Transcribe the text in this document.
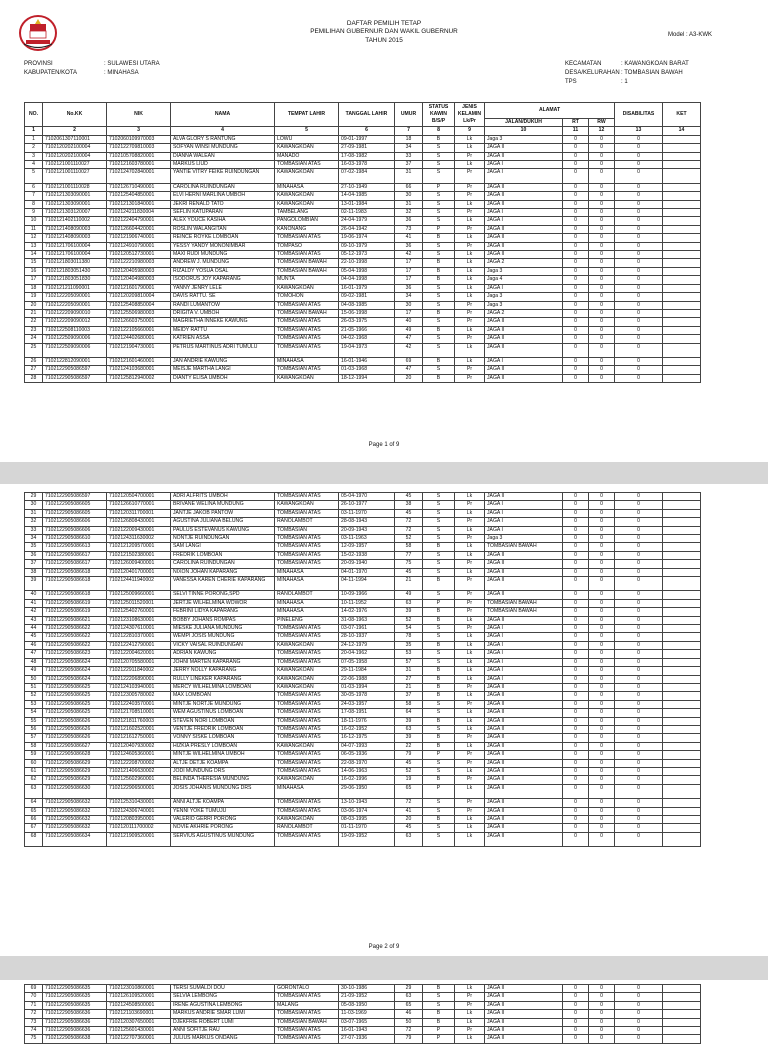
DAFTAR PEMILIH TETAP
PEMILIHAN GUBERNUR DAN WAKIL GUBERNUR
TAHUN 2015
Model : A3-KWK
PROVINSI	: SULAWESI UTARA
KABUPATEN/KOTA	: MINAHASA
KECAMATAN	: KAWANGKOAN BARAT
DESA/KELURAHAN: TOMBASIAN BAWAH
TPS	: 1
NO.	No.KK	NIK	NAMA	TEMPAT LAHIR	TANGGAL LAHIR	UMUR	STATUS KAWIN B/S/P	JENIS KELAMIN Lk/Pr	ALAMAT			DISABILITAS	KET
									JALAN/DUKUH	RT	RW		

1	2	3	4	5	6	7	8	9	10	11	12	13	14
1	7102061307110001	7102060109970003	ALVA GLORY S RANTUNG	LOWU	09-01-1997	18	B	Lk	Jaga 3	0	0	0	
2	7102120202100004	7102122709810003	SOFYAN WINSI MUNDUNG	KAWANGKOAN	27-09-1981	34	S	Lk	JAGA II	0	0	0	
3	7102120202100004	7102105708820001	DIANNA WALEAN	MANADO	17-08-1982	33	S	Pr	JAGA II	0	0	0	
4	7102121001110027	7102121603780001	MARKUS LIUD	TOMBASIAN ATAS	16-03-1978	37	S	Lk	JAGA I	0	0	0	
5	7102121001110027	7102124702840001	YANTIE VITRY FEIKE RUINDUNGAN	KAWANGKOAN	07-02-1984	31	S	Pr	JAGA I	0	0	0	
6	7102121001110028	7102126710490001	CAROLINA RUINDUNGAN	MINAHASA	27-10-1949	66	P	Pr	JAGA II	0	0	0	
7	7102121303090001	7102125404850001	ELVI HERNI MARLINA UMBOH	KAWANGKOAN	14-04-1985	30	S	Pr	JAGA II	0	0	0	
8	7102121303090001	7102121301840001	JEKRI RENALD TATO	KAWANGKOAN	13-01-1984	31	S	Lk	JAGA II	0	0	0	
9	7102121303120007	7102124211830004	SEFLIN KATUPARAN	TAMBELANG	02-11-1983	32	S	Pr	JAGA I	0	0	0	
10	7102121402110002	7102122404790001	ALEX YOUCE KASIHA	PANGOLOMBIAN	24-04-1979	36	S	Lk	JAGA I	0	0	0	
11	7102121408090003	7102126604420001	ROSLIN WALANGITAN	KANONANG	26-04-1942	73	P	Pr	JAGA II	0	0	0	
12	7102121408090003	7102121906740001	REINCE ROYKE LOMBOAN	TOMBASIAN ATAS	19-06-1974	41	B	Lk	JAGA II	0	0	0	
13	7102121706100004	7102124910790001	YESSY YANDY MONONIMBAR	TOMPASO	09-10-1979	36	S	Pr	JAGA II	0	0	0	
14	7102121706100004	7102120512730001	MAXI RUDI MUNDUNG	TOMBASIAN ATAS	05-12-1973	42	S	Lk	JAGA II	0	0	0	
15	7102121803011380	7102122210980003	ANDREW J. MUNDUNG	TOMBASIAN BAWAH	22-10-1998	17	B	Lk	JAGA 2	0	0	0	
16	7102121803051430	7102120405980003	RIZALDY YOSUA OSAL	TOMBASIAN BAWAH	05-04-1998	17	B	Lk	Jaga 3	0	0	0	
17	7102121803051830	7102120404980003	ISODORUS JOY KAPARANG	MUNTA	04-04-1998	17	B	Lk	Jaga 4	0	0	0	
18	7102121211090001	7102121601790001	YANNY JENRY LELE	KAWANGKOAN	16-01-1979	36	S	Lk	JAGA I	0	0	0	
19	7102122205090001	7102120209810004	DAVIS RATTU. SE	TOMOHON	09-02-1981	34	S	Lk	Jaga 3	0	0	0	
20	7102122205090001	7102125408850004	RANDI LUMANTOW	TOMBASIAN ATAS	04-08-1985	30	S	Pr	Jaga 3	0	0	0	
21	7102122209090010	7102125506980003	DRIGITA V. UMBOH	TOMBASIAN BAWAH	15-06-1998	17	B	Pr	JAGA 2	0	0	0	
22	7102122209090012	7102126603750001	MAGRIETHA INNEKE KAWUNG	TOMBASIAN ATAS	26-03-1975	40	S	Pr	JAGA II	0	0	0	
23	7102122508110003	7102122105660001	MEIDY RATTU	TOMBASIAN ATAS	21-05-1966	49	B	Lk	JAGA II	0	0	0	
24	7102122509090006	7102124402680001	KATRIEN ASSA	TOMBASIAN ATAS	04-02-1968	47	S	Pr	JAGA II	0	0	0	
25	7102122509090006	7102121904730001	PETRUS MARTINUS ADRI TUMULU	TOMBASIAN ATAS	19-04-1973	42	S	Lk	JAGA II	0	0	0	
26	7102122812090001	7102121601460001	JAN ANDRIE KAWUNG	MINAHASA	16-01-1946	69	B	Lk	JAGA I	0	0	0	
27	7102122905086597	7102124103680001	MEISJE MARTHA LANGI	TOMBASIAN ATAS	01-03-1968	47	S	Pr	JAGA II	0	0	0	
28	7102122905086597	7102125812940002	DIANTY ELISA UMBOH	KAWANGKOAN	18-12-1994	20	B	Pr	JAGA II	0	0	0	
Page 1 of 9
29	7102122905086597	7102120504700001	ADRI ALFRITS UMBOH	TOMBASIAN ATAS	05-04-1970	45	S	Lk	JAGA II	0	0	0	
30	7102122905086605	7102126610770001	BRIVANE WELINA MUNDUNG	KAWANGKOAN	26-10-1977	38	S	Pr	JAGA I	0	0	0	
31	7102122905086605	7102120311700001	JANTJE JAKOB PANTOW	TOMBASIAN ATAS	03-11-1970	45	S	Lk	JAGA I	0	0	0	
32	7102122905086606	7102126808430001	AGUSTINA JULIANA BELUNG	RANOLAMBOT	28-08-1943	72	S	Pr	JAGA I	0	0	0	
33	7102122905086606	7102122009430001	PAULUS ESTEVANUS KAWUNG	TOMBASIAN	20-09-1943	72	S	Lk	JAGA I	0	0	0	
34	7102122905086610	7102124311630002	NONTJE RUINDUNGAN	TOMBASIAN ATAS	03-11-1963	52	S	Pr	Jaga 3	0	0	0	
35	7102122905086613	7102121209570001	SAM LANGI	TOMBASIAN ATAS	12-09-1957	58	B	Lk	TOMBASIAN BAWAH	0	0	0	
36	7102122905086617	7102121502380001	FREDRIK LOMBOAN	TOMBASIAN ATAS	15-02-1938	77	S	Lk	JAGA II	0	0	0	
37	7102122905086617	7102126009400001	CAROLINA RUINDUNGAN	TOMBASIAN ATAS	20-09-1940	75	S	Pr	JAGA II	0	0	0	
38	7102122905086618	7102120401700001	NIXON JOHAN KAPARANG	MINAHASA	04-01-1970	45	S	Lk	JAGA II	0	0	0	
39	7102122905086618	7102124411940002	VANESSA KAREN CHERIE KAPARANG	MINAHASA	04-11-1994	21	B	Pr	JAGA II	0	0	0	
40	7102122905086618	7102125009660001	SELVI TINNE PORONG,SPD	RANOLAMBOT	10-09-1966	49	S	Pr	JAGA II	0	0	0	
41	7102122905086619	7102125011520001	JERTJE WILHELMINA WOWOR	MINAHASA	10-11-1952	63	P	Pr	TOMBASIAN BAWAH	0	0	0	
42	7102122905086619	7102125402760001	FEBRINI LIDYA KAPARANG	MINAHASA	14-02-1976	39	B	Pr	TOMBASIAN BAWAH	0	0	0	
43	7102122905086621	7102123108630001	BOBBY JOHANS ROMPAS	PINELENG	31-08-1963	52	B	Lk	JAGA II	0	0	0	
44	7102122905086622	7102124307610001	MIESKE JULIANA MUNDUNG	TOMBASIAN ATAS	03-07-1961	54	S	Pr	JAGA I	0	0	0	
45	7102122905086622	7102122810370001	WEMPI JOSIS MUNDUNG	TOMBASIAN ATAS	28-10-1937	78	S	Lk	JAGA I	0	0	0	
46	7102122905086622	7102122412790001	VICKY VAISAL RUINDUNGAN	KAWANGKOAN	24-12-1979	35	B	Lk	JAGA I	0	0	0	
47	7102122905086623	7102122004620001	ADRIAN KAWUNG	TOMBASIAN ATAS	20-04-1962	53	S	Lk	JAGA I	0	0	0	
48	7102122905086624	7102120705580001	JOHNI MARTEN KAPARANG	TOMBASIAN ATAS	07-05-1958	57	S	Lk	JAGA I	0	0	0	
49	7102122905086624	7102122911840002	JERRY NOLLY KAPARANG	KAWANGKOAN	29-11-1984	31	B	Lk	JAGA I	0	0	0	
50	7102122905086624	7102122206890001	RULLY LINEKER KAPARANG	KAWANGKOAN	22-06-1988	27	B	Lk	JAGA I	0	0	0	
51	7102122905086625	7102124103940001	MERCY WILHELMINA LOMBOAN	KAWANGKOAN	01-03-1994	21	B	Pr	JAGA II	0	0	0	
52	7102122905086625	7102123005780002	MAX LOMBOAN	TOMBASIAN ATAS	30-05-1978	37	B	Lk	JAGA II	0	0	0	
53	7102122905086625	7102122403570001	MINTJE NORTJE MUNDUNG	TOMBASIAN ATAS	24-03-1957	58	S	Pr	JAGA II	0	0	0	
54	7102122905086625	7102121708510001	WEM AGUSTINUS LOMBOAN	TOMBASIAN ATAS	17-08-1951	64	S	Lk	JAGA II	0	0	0	
55	7102122905086626	7102121811760003	STEVEN NORI LOMBOAN	TOMBASIAN ATAS	18-11-1976	39	B	Lk	JAGA II	0	0	0	
56	7102122905086626	7102121602520001	VENTJE FREDRIK LOMBOAN	TOMBASIAN ATAS	16-02-1952	63	S	Lk	JAGA II	0	0	0	
57	7102122905086626	7102121612750001	VONNY SISKE LOMBOAN	TOMBASIAN ATAS	16-12-1975	39	B	Pr	JAGA II	0	0	0	
58	7102122905086627	7102120407930002	HIZKIA PRESLY LOMBOAN	KAWANGKOAN	04-07-1993	22	B	Lk	JAGA II	0	0	0	
59	7102122905086628	7102124605360001	MINTJE WILHELMINA UMBOH	TOMBASIAN ATAS	06-05-1936	79	P	Pr	JAGA II	0	0	0	
60	7102122905086629	7102122208700002	ALTJE DETJE KOAMPA	TOMBASIAN ATAS	22-08-1970	45	S	Pr	JAGA II	0	0	0	
61	7102122905086629	7102121406630002	JODI MUNDUNG DRS	TOMBASIAN ATAS	14-06-1963	52	S	Lk	JAGA II	0	0	0	
62	7102122905086629	7102125602960001	BELINDA THERESIA MUNDUNG	KAWANGKOAN	16-02-1996	19	B	Pr	JAGA II	0	0	0	
63	7102122905086630	7102122906500001	JOSIS JOHANIS MUNDUNG DRS	MINAHASA	29-06-1950	65	P	Lk	JAGA II	0	0	0	
64	7102122905086632	7102125310430001	ANNI ALTJE KOAMPA	TOMBASIAN ATAS	13-10-1943	72	S	Pr	JAGA II	0	0	0	
65	7102122905086632	7102124306740001	YENNI YOKE TUMUJU	TOMBASIAN ATAS	03-06-1974	41	S	Pr	JAGA II	0	0	0	
66	7102122905086632	7102120803950001	VALERIO GERRI PORONG	KAWANGKOAN	08-03-1995	20	B	Lk	JAGA II	0	0	0	
67	7102122905086632	7102120111700002	NOVIE AKHRIE PORONG	RANOLAMBOT	01-11-1970	45	S	Lk	JAGA II	0	0	0	
68	7102122905086634	7102121909520001	SERVIUS AGUSTINUS MUNDUNG	TOMBASIAN ATAS	19-09-1952	63	S	Lk	JAGA II	0	0	0	
Page 2 of 9
69	7102122905086635	7102123010860001	TERSI SUMALDI DOU	GORONTALO	30-10-1986	29	B	Lk	JAGA II	0	0	0	
70	7102122905086635	7102126109520001	SELVIA LEMBONG	TOMBASIAN ATAS	21-09-1952	63	S	Pr	JAGA II	0	0	0	
71	7102122905086635	7102124508500001	IRENE AGUSTINA LEMBONG	MALANG	05-08-1950	65	S	Pr	JAGA II	0	0	0	
72	7102122905086636	7102121103690001	MARKUS ANDRIE SMAR LUMI	TOMBASIAN ATAS	11-03-1969	46	B	Lk	JAGA II	0	0	0	
73	7102122905086636	7102120307650001	DJEKFRIE ROBERT LUMI	TOMBASIAN BAWAH	03-07-1965	50	B	Lk	JAGA II	0	0	0	
74	7102122905086636	7102125601430001	ANNI SOFITJE RAU	TOMBASIAN ATAS	16-01-1943	72	P	Pr	JAGA II	0	0	0	
75	7102122905086638	7102122707360001	JULIUS MARKUS ONDANG	TOMBASIAN ATAS	27-07-1936	79	P	Lk	JAGA II	0	0	0	
